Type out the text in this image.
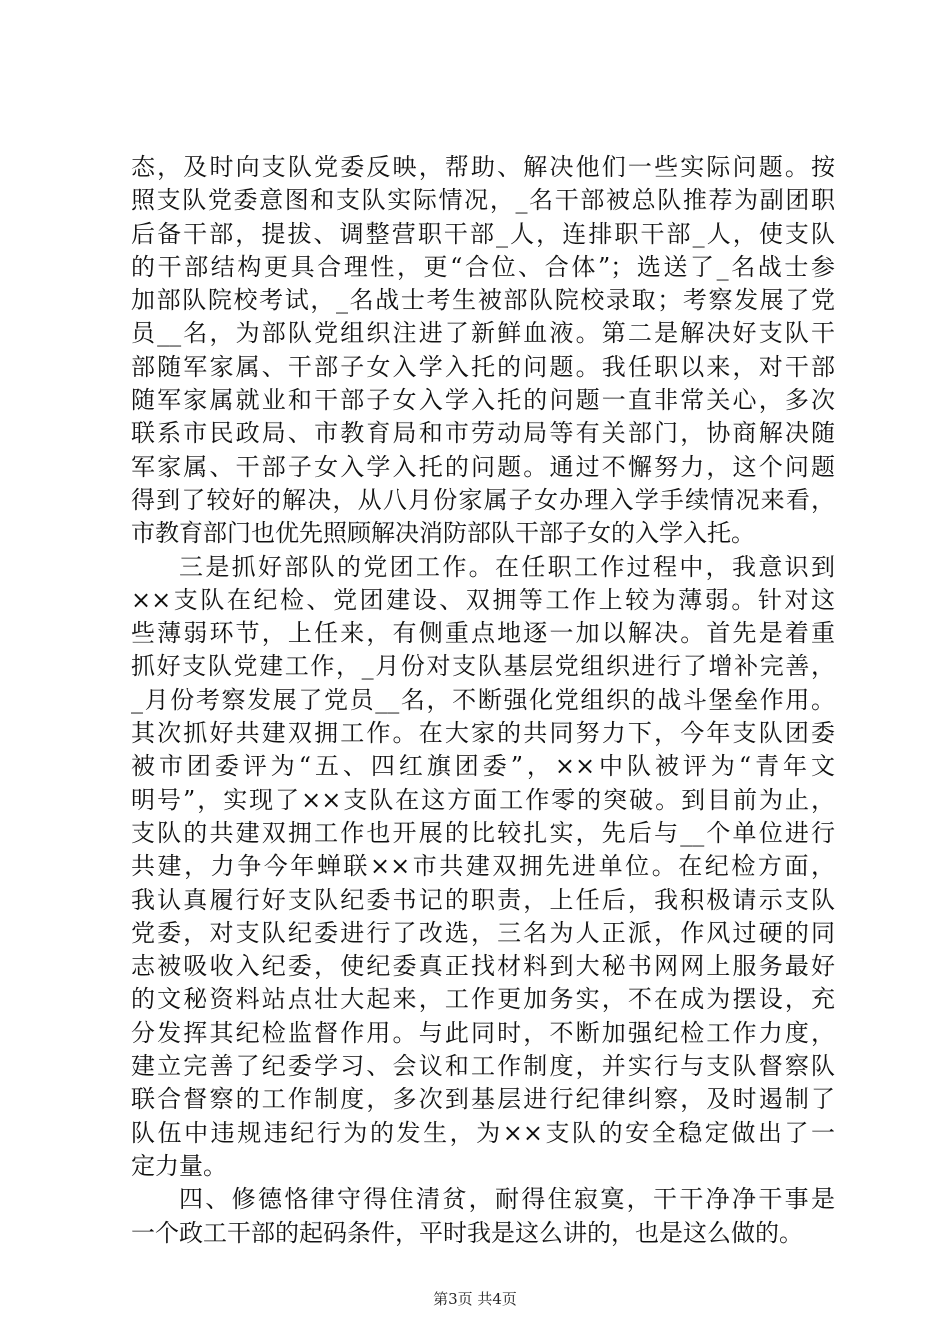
态，及时向支队党委反映，帮助、解决他们一些实际问题。按
照支队党委意图和支队实际情况，_名干部被总队推荐为副团职
后备干部，提拔、调整营职干部_人，连排职干部_人，使支队
的干部结构更具合理性，更“合位、合体”；选送了_名战士参
加部队院校考试，_名战士考生被部队院校录取；考察发展了党
员__名，为部队党组织注进了新鲜血液。第二是解决好支队干
部随军家属、干部子女入学入托的问题。我任职以来，对干部
随军家属就业和干部子女入学入托的问题一直非常关心，多次
联系市民政局、市教育局和市劳动局等有关部门，协商解决随
军家属、干部子女入学入托的问题。通过不懈努力，这个问题
得到了较好的解决，从八月份家属子女办理入学手续情况来看，
市教育部门也优先照顾解决消防部队干部子女的入学入托。
三是抓好部队的党团工作。在任职工作过程中，我意识到
××支队在纪检、党团建设、双拥等工作上较为薄弱。针对这
些薄弱环节，上任来，有侧重点地逐一加以解决。首先是着重
抓好支队党建工作，_月份对支队基层党组织进行了增补完善，
_月份考察发展了党员__名，不断强化党组织的战斗堡垒作用。
其次抓好共建双拥工作。在大家的共同努力下，今年支队团委
被市团委评为“五、四红旗团委”，××中队被评为“青年文
明号”，实现了××支队在这方面工作零的突破。到目前为止，
支队的共建双拥工作也开展的比较扎实，先后与__个单位进行
共建，力争今年蝉联××市共建双拥先进单位。在纪检方面，
我认真履行好支队纪委书记的职责，上任后，我积极请示支队
党委，对支队纪委进行了改选，三名为人正派，作风过硬的同
志被吸收入纪委，使纪委真正找材料到大秘书网网上服务最好
的文秘资料站点壮大起来，工作更加务实，不在成为摆设，充
分发挥其纪检监督作用。与此同时，不断加强纪检工作力度，
建立完善了纪委学习、会议和工作制度，并实行与支队督察队
联合督察的工作制度，多次到基层进行纪律纠察，及时遏制了
队伍中违规违纪行为的发生，为××支队的安全稳定做出了一
定力量。
四、修德恪律守得住清贫，耐得住寂寞，干干净净干事是
一个政工干部的起码条件，平时我是这么讲的，也是这么做的。

第3页 共4页
